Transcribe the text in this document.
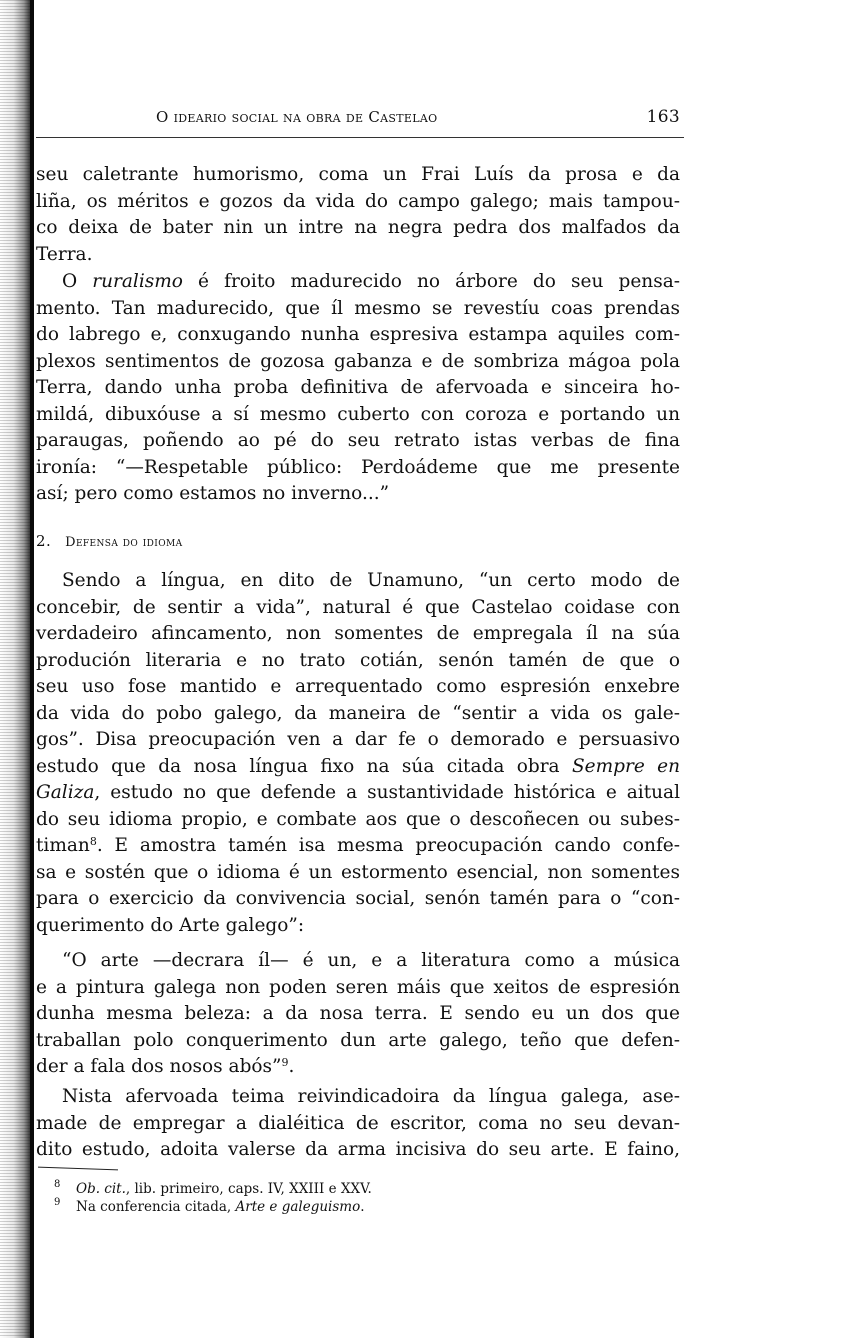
O ideario social na obra de Castelao	163
seu caletrante humorismo, coma un Frai Luís da prosa e da
liña, os méritos e gozos da vida do campo galego; mais tampou-
co deixa de bater nin un intre na negra pedra dos malfados da
Terra.
O ruralismo é froito madurecido no árbore do seu pensa-
mento. Tan madurecido, que íl mesmo se revestíu coas prendas
do labrego e, conxugando nunha espresiva estampa aquiles com-
plexos sentimentos de gozosa gabanza e de sombriza mágoa pola
Terra, dando unha proba definitiva de afervoada e sinceira ho-
mildá, dibuxóuse a sí mesmo cuberto con coroza e portando un
paraugas, poñendo ao pé do seu retrato istas verbas de fina
ironía: “—Respetable público: Perdoádeme que me presente
así; pero como estamos no inverno...”
2. Defensa do idioma
Sendo a língua, en dito de Unamuno, “un certo modo de
concebir, de sentir a vida”, natural é que Castelao coidase con
verdadeiro afincamento, non somentes de empregala íl na súa
produción literaria e no trato cotián, senón tamén de que o
seu uso fose mantido e arrequentado como espresión enxebre
da vida do pobo galego, da maneira de “sentir a vida os gale-
gos”. Disa preocupación ven a dar fe o demorado e persuasivo
estudo que da nosa língua fixo na súa citada obra Sempre en
Galiza, estudo no que defende a sustantividade histórica e aitual
do seu idioma propio, e combate aos que o descoñecen ou subes-
timan$^8$. E amostra tamén isa mesma preocupación cando confe-
sa e sostén que o idioma é un estormento esencial, non somentes
para o exercicio da convivencia social, senón tamén para o “con-
querimento do Arte galego”:
“O arte —decrara íl— é un, e a literatura como a música
e a pintura galega non poden seren máis que xeitos de espresión
dunha mesma beleza: a da nosa terra. E sendo eu un dos que
traballan polo conquerimento dun arte galego, teño que defen-
der a fala dos nosos abós”$^9$.
Nista afervoada teima reivindicadoira da língua galega, ase-
made de empregar a dialéitica de escritor, coma no seu devan-
dito estudo, adoita valerse da arma incisiva do seu arte. E faino,
8 Ob. cit., lib. primeiro, caps. IV, XXIII e XXV.
9 Na conferencia citada, Arte e galeguismo.
